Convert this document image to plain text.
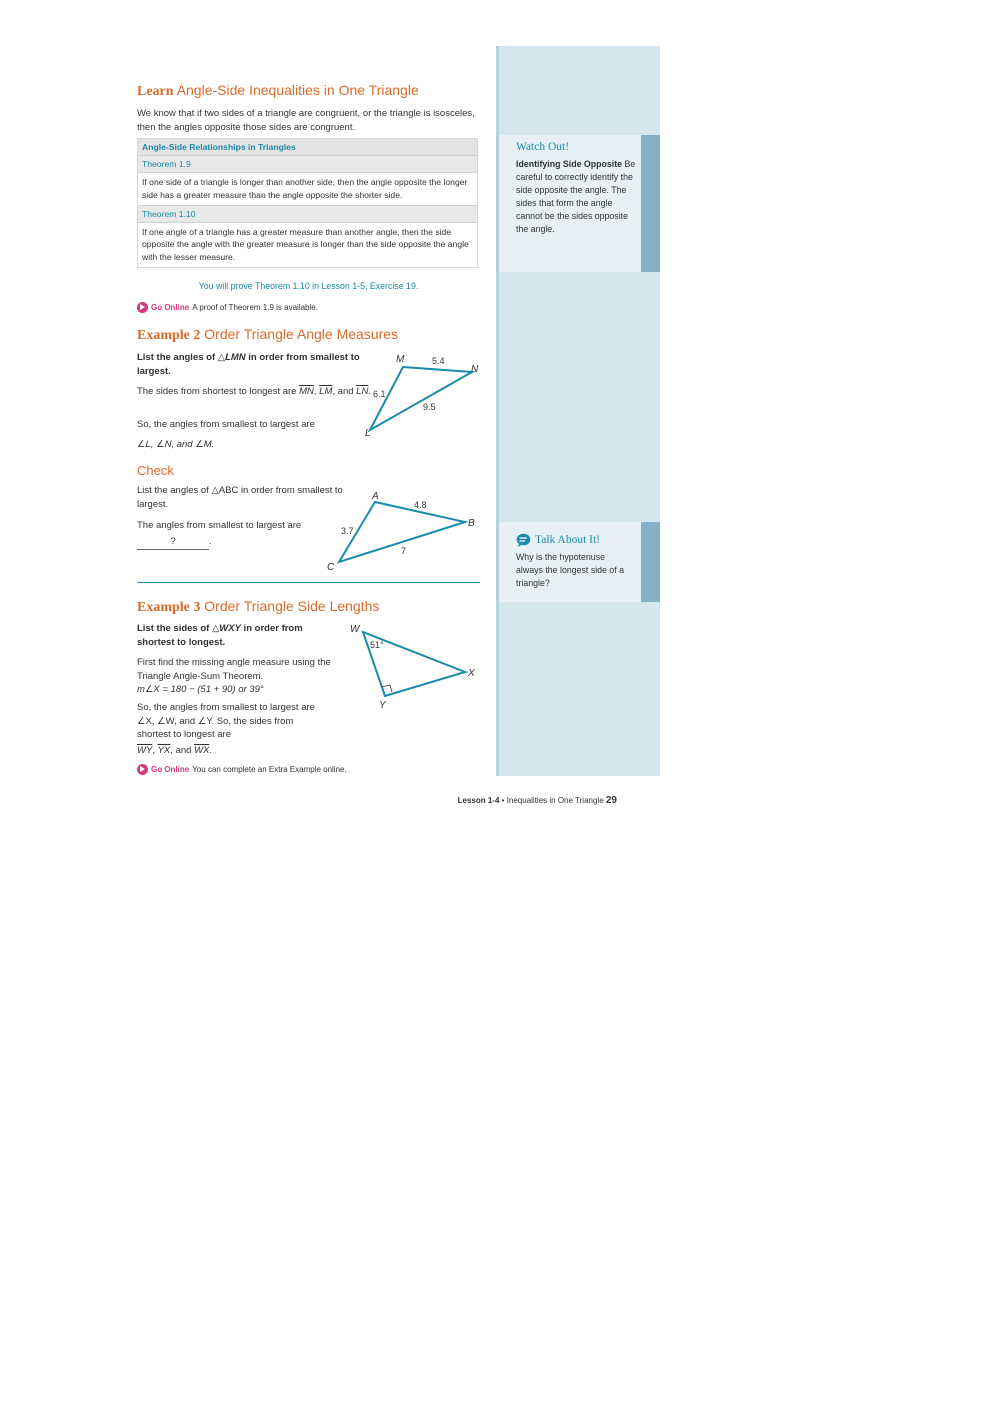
Watch Out!
Identifying Side Opposite Be careful to correctly identify the side opposite the angle. The sides that form the angle cannot be the sides opposite the angle.
Talk About It!
Why is the hypotenuse always the longest side of a triangle?
Learn Angle-Side Inequalities in One Triangle
We know that if two sides of a triangle are congruent, or the triangle is isosceles, then the angles opposite those sides are congruent.
Angle-Side Relationships in Triangles
Theorem 1.9
If one side of a triangle is longer than another side, then the angle opposite the longer side has a greater measure than the angle opposite the shorter side.
Theorem 1.10
If one angle of a triangle has a greater measure than another angle, then the side opposite the angle with the greater measure is longer than the side opposite the angle with the lesser measure.
You will prove Theorem 1.10 in Lesson 1-5, Exercise 19.
Go Online A proof of Theorem 1.9 is available.
Example 2 Order Triangle Angle Measures
List the angles of △LMN in order from smallest to largest.
The sides from shortest to longest are $\overline{MN}$, $\overline{LM}$, and $\overline{LN}$.
So, the angles from smallest to largest are
∠L, ∠N, and ∠M.
M
N
L
5.4
6.1
9.5
Check
List the angles of △ABC in order from smallest to largest.
The angles from smallest to largest are
?	.
A
B
C
4.8
3.7
7
Example 3 Order Triangle Side Lengths
List the sides of △WXY in order from shortest to longest.
First find the missing angle measure using the Triangle Angle-Sum Theorem.
m∠X = 180 − (51 + 90) or 39°
So, the angles from smallest to largest are ∠X, ∠W, and ∠Y. So, the sides from shortest to longest are
$\overline{WY}$, $\overline{YX}$, and $\overline{WX}$.
W
X
Y
51°
Go Online You can complete an Extra Example online.
Lesson 1-4 • Inequalities in One Triangle 29
